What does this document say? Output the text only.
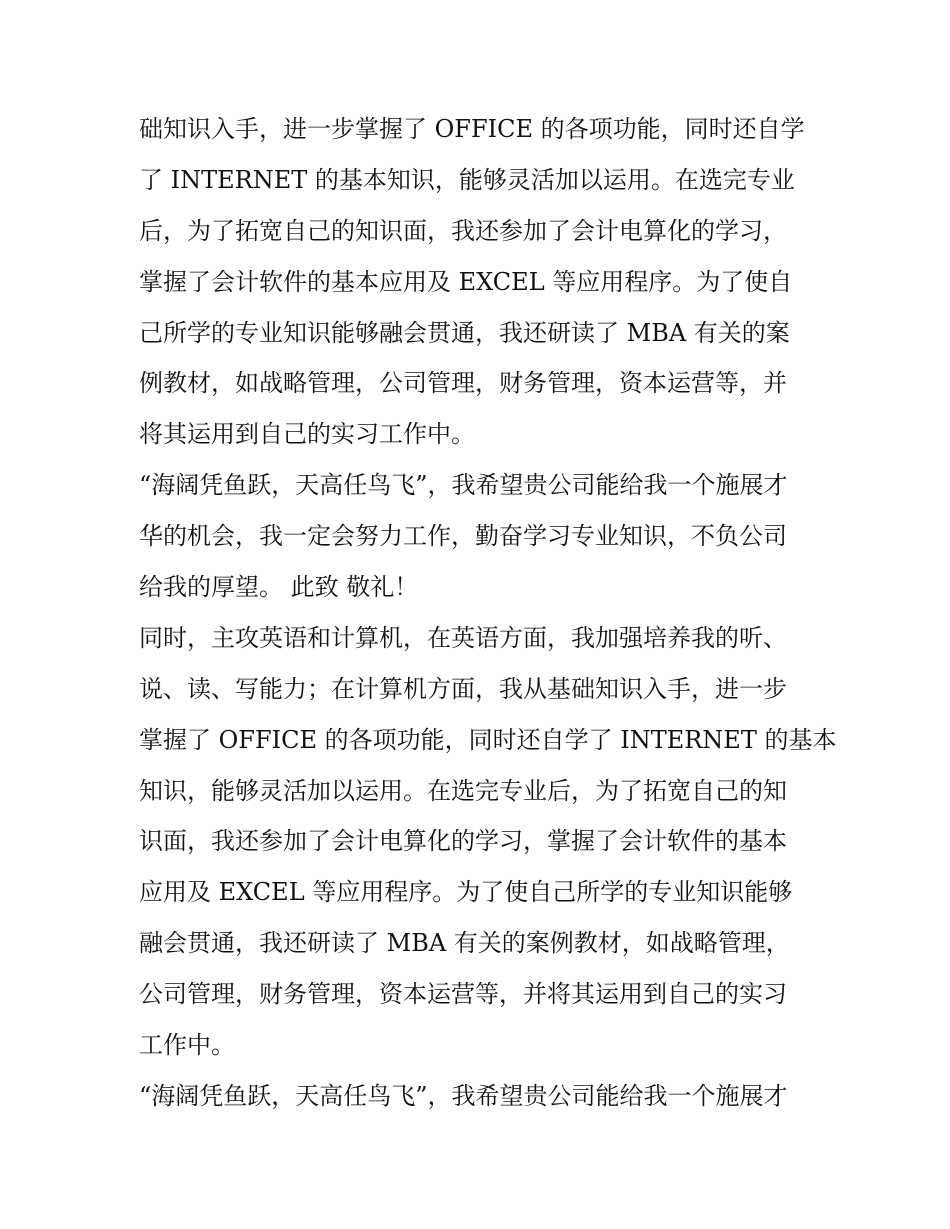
础知识入手，进一步掌握了 OFFICE 的各项功能，同时还自学
了 INTERNET 的基本知识，能够灵活加以运用。在选完专业
后，为了拓宽自己的知识面，我还参加了会计电算化的学习，
掌握了会计软件的基本应用及 EXCEL 等应用程序。为了使自
己所学的专业知识能够融会贯通，我还研读了 MBA 有关的案
例教材，如战略管理，公司管理，财务管理，资本运营等，并
将其运用到自己的实习工作中。
“海阔凭鱼跃，天高任鸟飞”，我希望贵公司能给我一个施展才
华的机会，我一定会努力工作，勤奋学习专业知识，不负公司
给我的厚望。 此致 敬礼！
同时，主攻英语和计算机，在英语方面，我加强培养我的听、
说、读、写能力；在计算机方面，我从基础知识入手，进一步
掌握了 OFFICE 的各项功能，同时还自学了 INTERNET 的基本
知识，能够灵活加以运用。在选完专业后，为了拓宽自己的知
识面，我还参加了会计电算化的学习，掌握了会计软件的基本
应用及 EXCEL 等应用程序。为了使自己所学的专业知识能够
融会贯通，我还研读了 MBA 有关的案例教材，如战略管理，
公司管理，财务管理，资本运营等，并将其运用到自己的实习
工作中。
“海阔凭鱼跃，天高任鸟飞”，我希望贵公司能给我一个施展才
